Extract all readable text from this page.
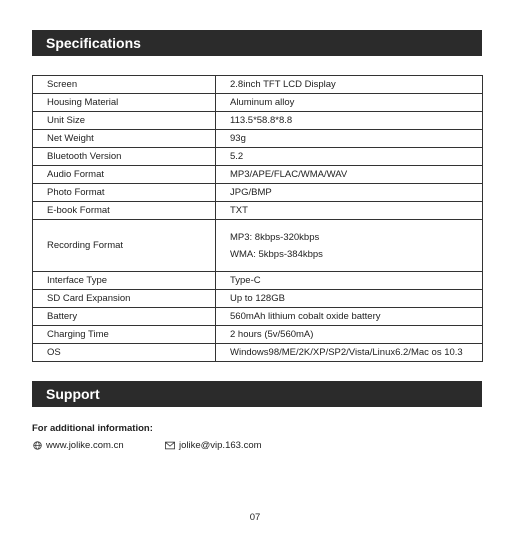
Specifications
Screen	2.8inch TFT LCD Display
Housing Material	Aluminum alloy
Unit Size	113.5*58.8*8.8
Net Weight	93g
Bluetooth Version	5.2
Audio Format	MP3/APE/FLAC/WMA/WAV
Photo Format	JPG/BMP
E-book Format	TXT
Recording Format	MP3: 8kbps-320kbps
WMA: 5kbps-384kbps

Interface Type	Type-C
SD Card Expansion	Up to 128GB
Battery	560mAh lithium cobalt oxide battery
Charging Time	2 hours (5v/560mA)
OS	Windows98/ME/2K/XP/SP2/Vista/Linux6.2/Mac os 10.3
Support
For additional information:
www.jolike.com.cn	jolike@vip.163.com
07
